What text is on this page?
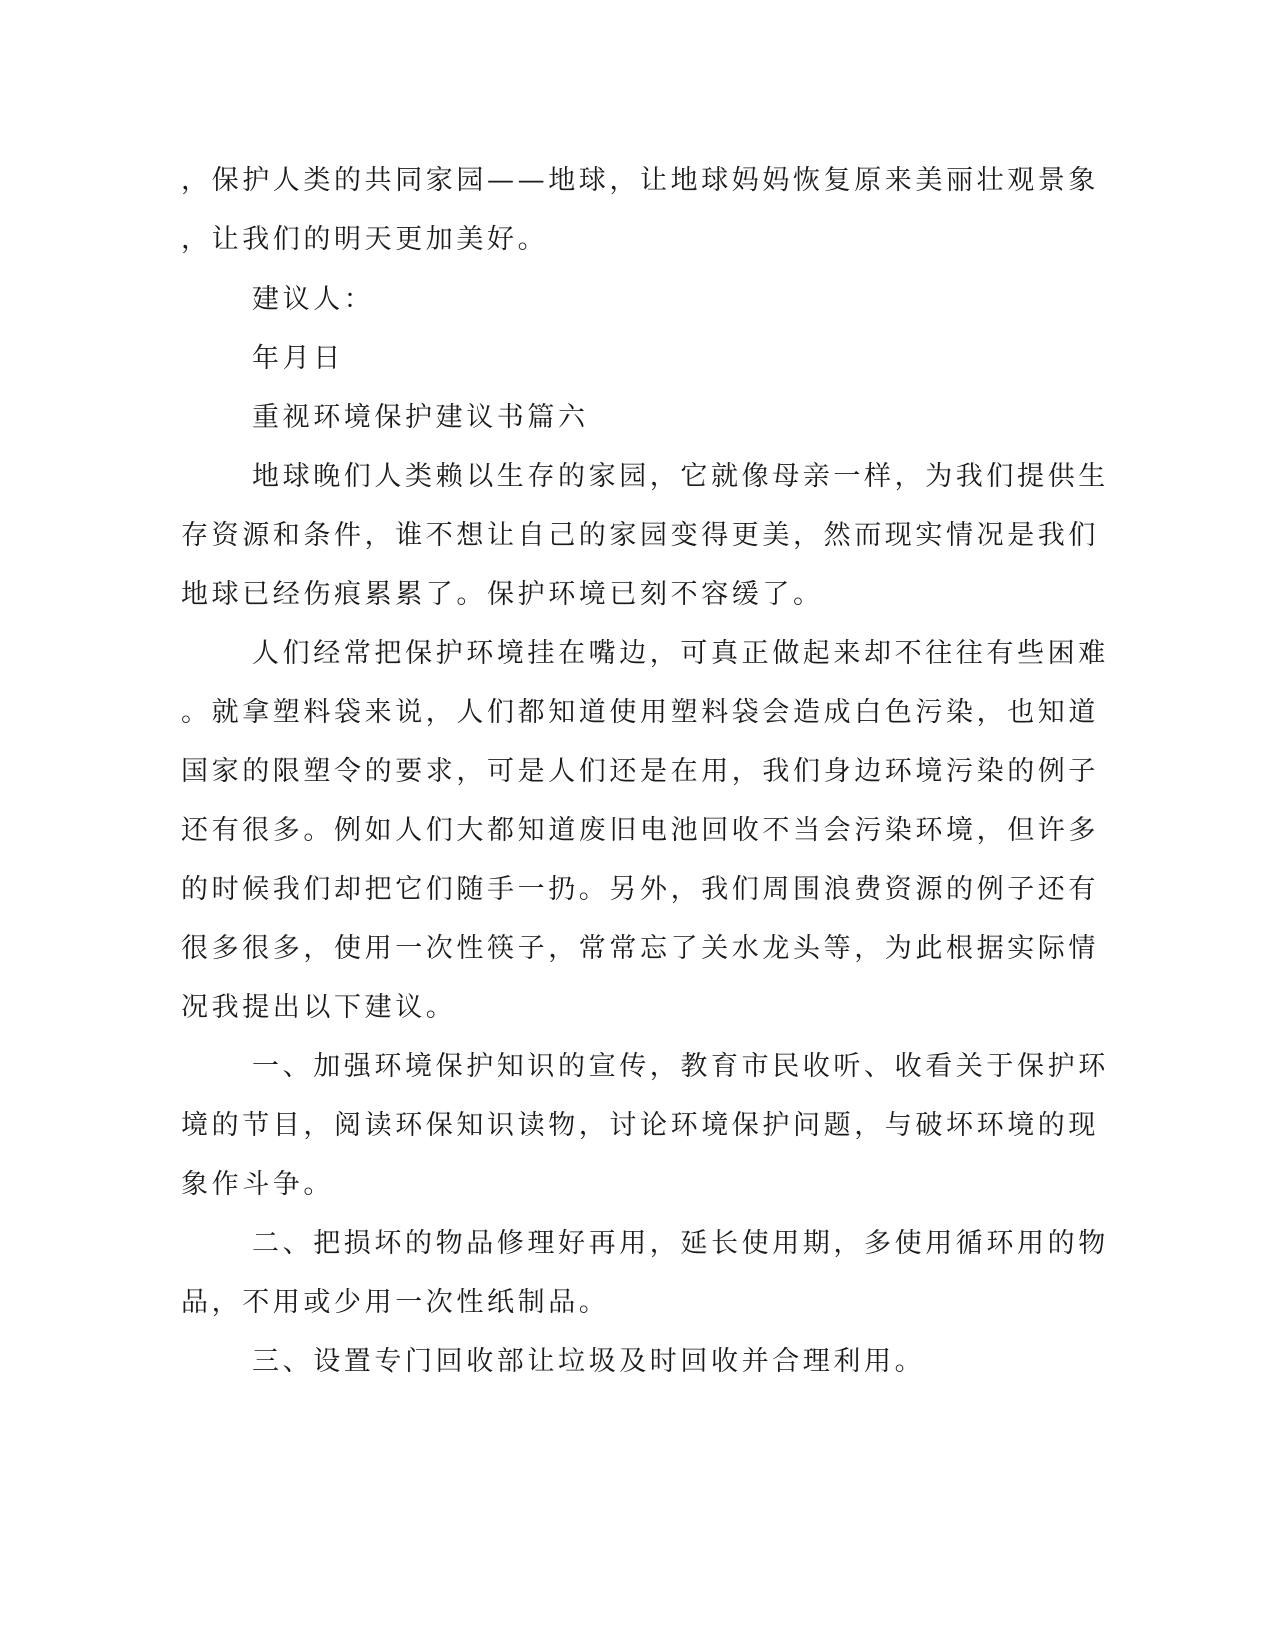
，保护人类的共同家园——地球，让地球妈妈恢复原来美丽壮观景象
，让我们的明天更加美好。
建议人：
年月日
重视环境保护建议书篇六
地球晚们人类赖以生存的家园，它就像母亲一样，为我们提供生
存资源和条件，谁不想让自己的家园变得更美，然而现实情况是我们
地球已经伤痕累累了。保护环境已刻不容缓了。
人们经常把保护环境挂在嘴边，可真正做起来却不往往有些困难
。就拿塑料袋来说，人们都知道使用塑料袋会造成白色污染，也知道
国家的限塑令的要求，可是人们还是在用，我们身边环境污染的例子
还有很多。例如人们大都知道废旧电池回收不当会污染环境，但许多
的时候我们却把它们随手一扔。另外，我们周围浪费资源的例子还有
很多很多，使用一次性筷子，常常忘了关水龙头等，为此根据实际情
况我提出以下建议。
一、加强环境保护知识的宣传，教育市民收听、收看关于保护环
境的节目，阅读环保知识读物，讨论环境保护问题，与破坏环境的现
象作斗争。
二、把损坏的物品修理好再用，延长使用期，多使用循环用的物
品，不用或少用一次性纸制品。
三、设置专门回收部让垃圾及时回收并合理利用。
